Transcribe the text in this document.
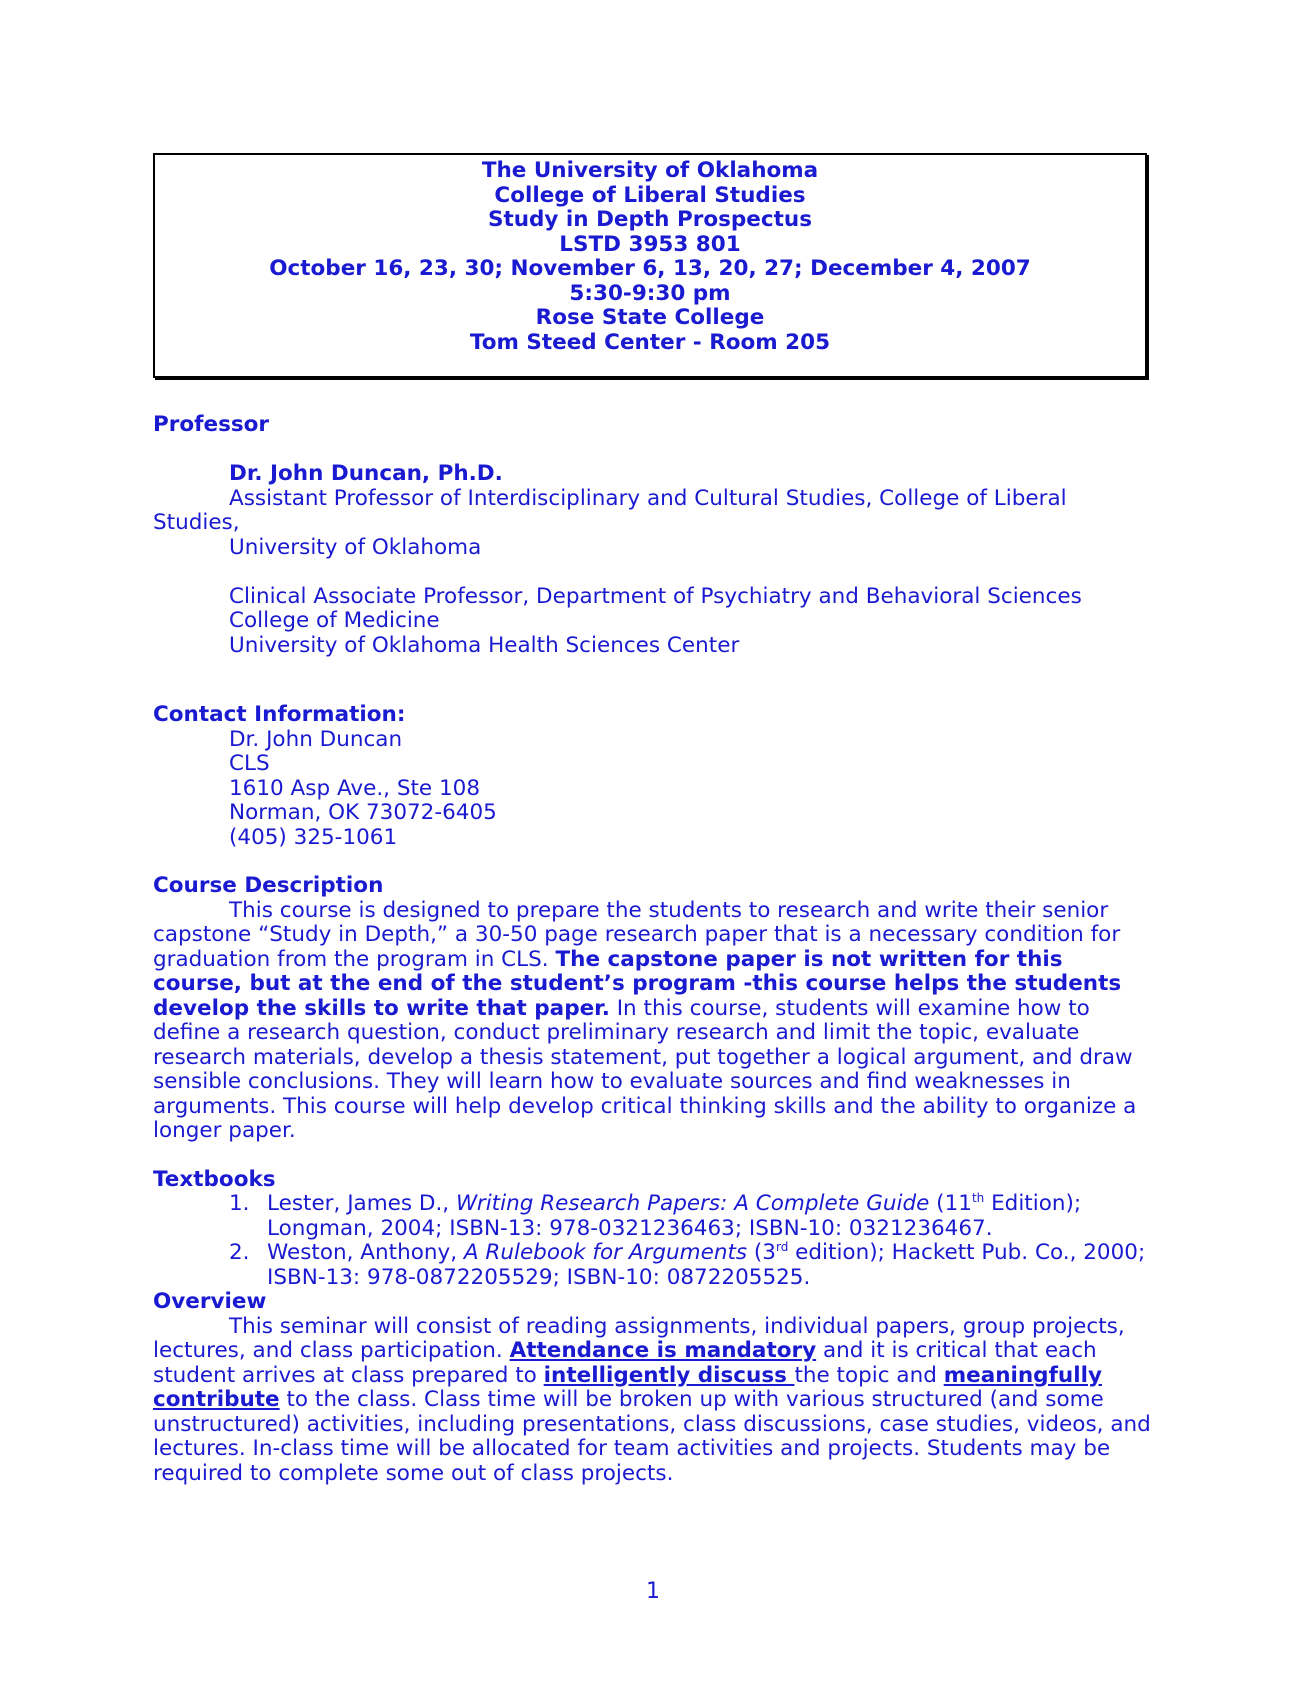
The University of Oklahoma
College of Liberal Studies
Study in Depth Prospectus
LSTD 3953 801
October 16, 23, 30; November 6, 13, 20, 27; December 4, 2007
5:30-9:30 pm
Rose State College
Tom Steed Center - Room 205
Professor
Dr. John Duncan, Ph.D.
Assistant Professor of Interdisciplinary and Cultural Studies, College of Liberal
Studies,
University of Oklahoma
Clinical Associate Professor, Department of Psychiatry and Behavioral Sciences
College of Medicine
University of Oklahoma Health Sciences Center
Contact Information:
Dr. John Duncan
CLS
1610 Asp Ave., Ste 108
Norman, OK 73072-6405
(405) 325-1061
Course Description

This course is designed to prepare the students to research and write their senior capstone “Study in Depth,” a 30-50 page research paper that is a necessary condition for graduation from the program in CLS. The capstone paper is not written for this course, but at the end of the student’s program -this course helps the students develop the skills to write that paper. In this course, students will examine how to define a research question, conduct preliminary research and limit the topic, evaluate research materials, develop a thesis statement, put together a logical argument, and draw sensible conclusions. They will learn how to evaluate sources and find weaknesses in arguments. This course will help develop critical thinking skills and the ability to organize a longer paper.

Textbooks
1. Lester, James D., Writing Research Papers: A Complete Guide (11th Edition); Longman, 2004; ISBN-13: 978-0321236463; ISBN-10: 0321236467.
2. Weston, Anthony, A Rulebook for Arguments (3rd edition); Hackett Pub. Co., 2000; ISBN-13: 978-0872205529; ISBN-10: 0872205525.
Overview

This seminar will consist of reading assignments, individual papers, group projects, lectures, and class participation. Attendance is mandatory and it is critical that each student arrives at class prepared to intelligently discuss the topic and meaningfully contribute to the class. Class time will be broken up with various structured (and some unstructured) activities, including presentations, class discussions, case studies, videos, and lectures. In-class time will be allocated for team activities and projects. Students may be required to complete some out of class projects.

1
